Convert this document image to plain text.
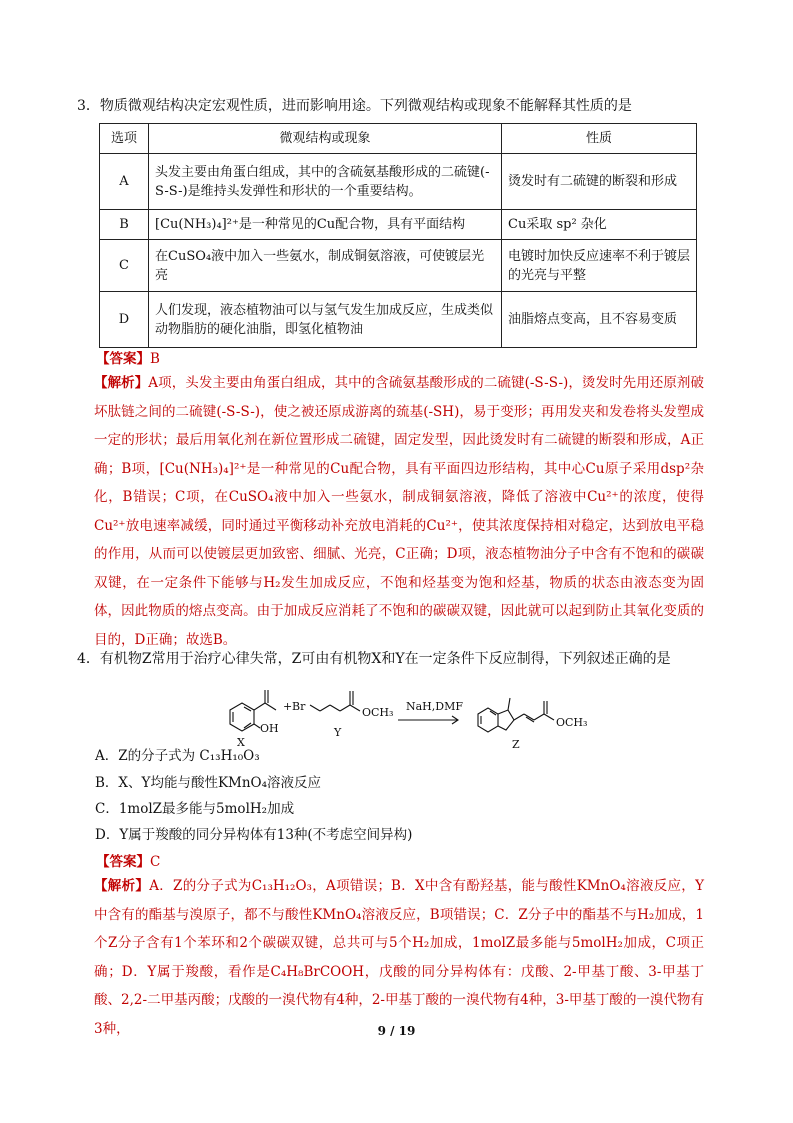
3．物质微观结构决定宏观性质，进而影响用途。下列微观结构或现象不能解释其性质的是
选项	微观结构或现象	性质
A	头发主要由角蛋白组成，其中的含硫氨基酸形成的二硫键(-S-S-)是维持头发弹性和形状的一个重要结构。	烫发时有二硫键的断裂和形成
B	[Cu(NH₃)₄]²⁺是一种常见的Cu配合物，具有平面结构	Cu采取 sp² 杂化
C	在CuSO₄液中加入一些氨水，制成铜氨溶液，可使镀层光亮	电镀时加快反应速率不利于镀层的光亮与平整
D	人们发现，液态植物油可以与氢气发生加成反应，生成类似动物脂肪的硬化油脂，即氢化植物油	油脂熔点变高，且不容易变质
【答案】B
【解析】A项，头发主要由角蛋白组成，其中的含硫氨基酸形成的二硫键(-S-S-)，烫发时先用还原剂破坏肽链之间的二硫键(-S-S-)，使之被还原成游离的巯基(-SH)，易于变形；再用发夹和发卷将头发塑成一定的形状；最后用氧化剂在新位置形成二硫键，固定发型，因此烫发时有二硫键的断裂和形成，A正确；B项，[Cu(NH₃)₄]²⁺是一种常见的Cu配合物，具有平面四边形结构，其中心Cu原子采用dsp²杂化，B错误；C项，在CuSO₄液中加入一些氨水，制成铜氨溶液，降低了溶液中Cu²⁺的浓度，使得Cu²⁺放电速率减缓，同时通过平衡移动补充放电消耗的Cu²⁺，使其浓度保持相对稳定，达到放电平稳的作用，从而可以使镀层更加致密、细腻、光亮，C正确；D项，液态植物油分子中含有不饱和的碳碳双键，在一定条件下能够与H₂发生加成反应，不饱和烃基变为饱和烃基，物质的状态由液态变为固体，因此物质的熔点变高。由于加成反应消耗了不饱和的碳碳双键，因此就可以起到防止其氧化变质的目的，D正确；故选B。
4．有机物Z常用于治疗心律失常，Z可由有机物X和Y在一定条件下反应制得，下列叙述正确的是
OH
X
+ Br	OCH₃
Y
NaH,DMF
OCH₃
Z
A．Z的分子式为 C₁₃H₁₀O₃
B．X、Y均能与酸性KMnO₄溶液反应
C．1molZ最多能与5molH₂加成
D．Y属于羧酸的同分异构体有13种(不考虑空间异构)
【答案】C
【解析】A．Z的分子式为C₁₃H₁₂O₃，A项错误；B．X中含有酚羟基，能与酸性KMnO₄溶液反应，Y中含有的酯基与溴原子，都不与酸性KMnO₄溶液反应，B项错误；C．Z分子中的酯基不与H₂加成，1个Z分子含有1个苯环和2个碳碳双键，总共可与5个H₂加成，1molZ最多能与5molH₂加成，C项正确；D．Y属于羧酸，看作是C₄H₈BrCOOH，戊酸的同分异构体有：戊酸、2-甲基丁酸、3-甲基丁酸、2,2-二甲基丙酸；戊酸的一溴代物有4种，2-甲基丁酸的一溴代物有4种，3-甲基丁酸的一溴代物有3种，	9 / 19
